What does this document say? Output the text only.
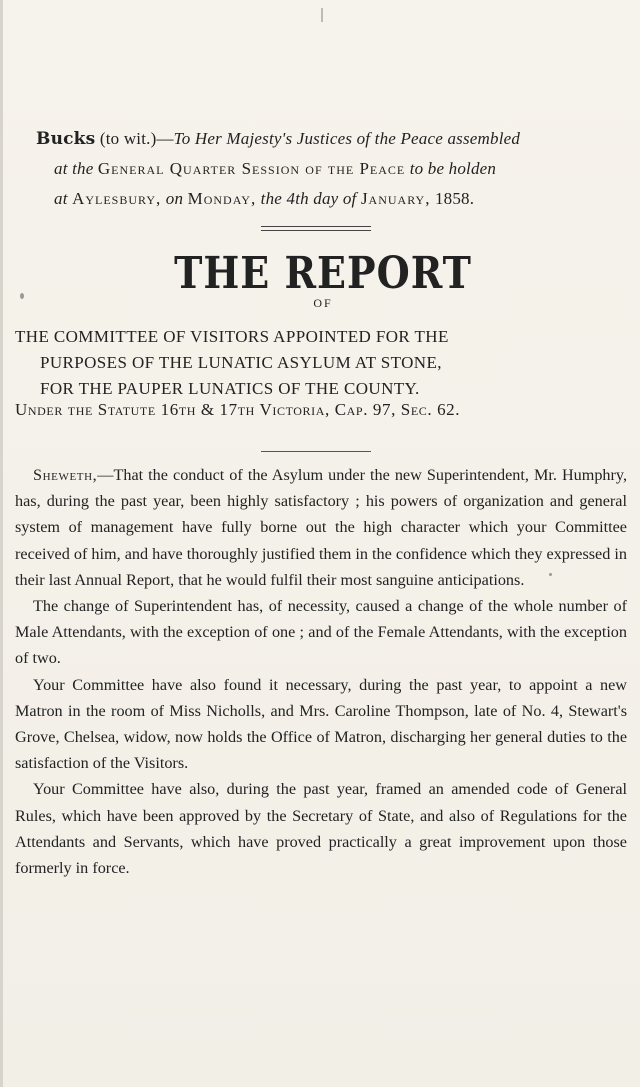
Bucks (to wit.)—To Her Majesty's Justices of the Peace assembled
at the General Quarter Session of the Peace to be holden
at Aylesbury, on Monday, the 4th day of January, 1858.
THE REPORT
OF
THE COMMITTEE OF VISITORS APPOINTED FOR THE
PURPOSES OF THE LUNATIC ASYLUM AT STONE,
FOR THE PAUPER LUNATICS OF THE COUNTY.
Under the Statute 16th & 17th Victoria, Cap. 97, Sec. 62.

Sheweth,—That the conduct of the Asylum under the new Superintendent, Mr. Humphry, has, during the past year, been highly satisfactory ; his powers of organization and general system of management have fully borne out the high character which your Committee received of him, and have thoroughly justified them in the confidence which they expressed in their last Annual Report, that he would fulfil their most sanguine anticipations.

The change of Superintendent has, of necessity, caused a change of the whole number of Male Attendants, with the exception of one ; and of the Female Attendants, with the exception of two.

Your Committee have also found it necessary, during the past year, to appoint a new Matron in the room of Miss Nicholls, and Mrs. Caroline Thompson, late of No. 4, Stewart's Grove, Chelsea, widow, now holds the Office of Matron, discharging her general duties to the satisfaction of the Visitors.

Your Committee have also, during the past year, framed an amended code of General Rules, which have been approved by the Secretary of State, and also of Regulations for the Attendants and Servants, which have proved practically a great improvement upon those formerly in force.
